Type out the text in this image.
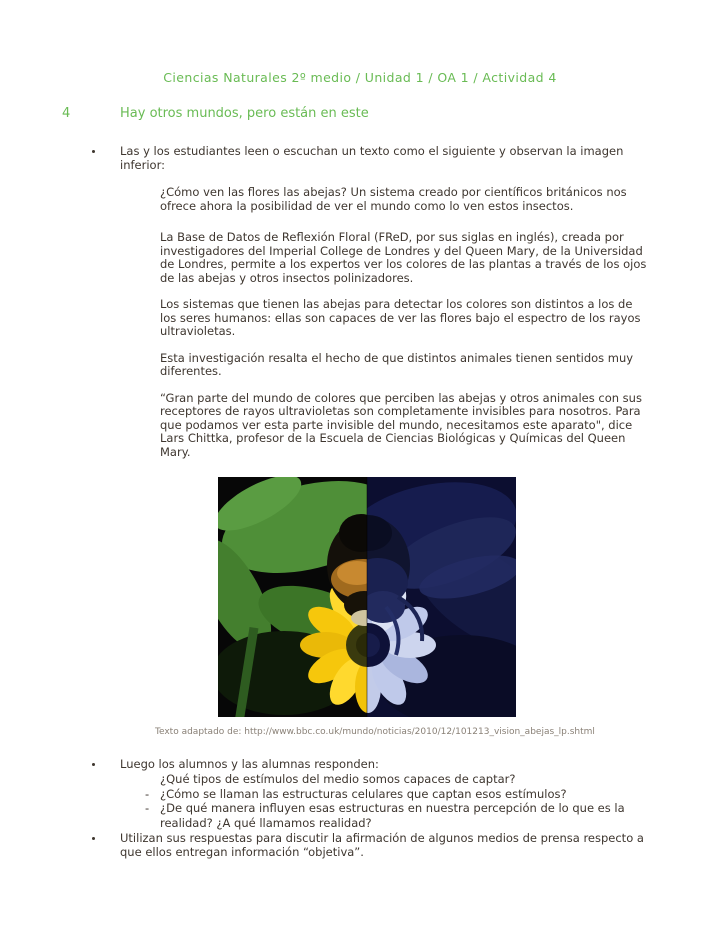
Ciencias Naturales 2º medio / Unidad 1 / OA 1 / Actividad 4
4	Hay otros mundos, pero están en este
Las y los estudiantes leen o escuchan un texto como el siguiente y observan la imagen inferior:

¿Cómo ven las flores las abejas? Un sistema creado por científicos británicos nos ofrece ahora la posibilidad de ver el mundo como lo ven estos insectos.

La Base de Datos de Reflexión Floral (FReD, por sus siglas en inglés), creada por investigadores del Imperial College de Londres y del Queen Mary, de la Universidad de Londres, permite a los expertos ver los colores de las plantas a través de los ojos de las abejas y otros insectos polinizadores.

Los sistemas que tienen las abejas para detectar los colores son distintos a los de los seres humanos: ellas son capaces de ver las flores bajo el espectro de los rayos ultravioletas.

Esta investigación resalta el hecho de que distintos animales tienen sentidos muy diferentes.

“Gran parte del mundo de colores que perciben las abejas y otros animales con sus receptores de rayos ultravioletas son completamente invisibles para nosotros. Para que podamos ver esta parte invisible del mundo, necesitamos este aparato", dice Lars Chittka, profesor de la Escuela de Ciencias Biológicas y Químicas del Queen Mary.

Texto adaptado de: http://www.bbc.co.uk/mundo/noticias/2010/12/101213_vision_abejas_lp.shtml
Luego los alumnos y las alumnas responden:
¿Qué tipos de estímulos del medio somos capaces de captar?
- ¿Cómo se llaman las estructuras celulares que captan esos estímulos?
- ¿De qué manera influyen esas estructuras en nuestra percepción de lo que es la realidad? ¿A qué llamamos realidad?
Utilizan sus respuestas para discutir la afirmación de algunos medios de prensa respecto a que ellos entregan información “objetiva”.
